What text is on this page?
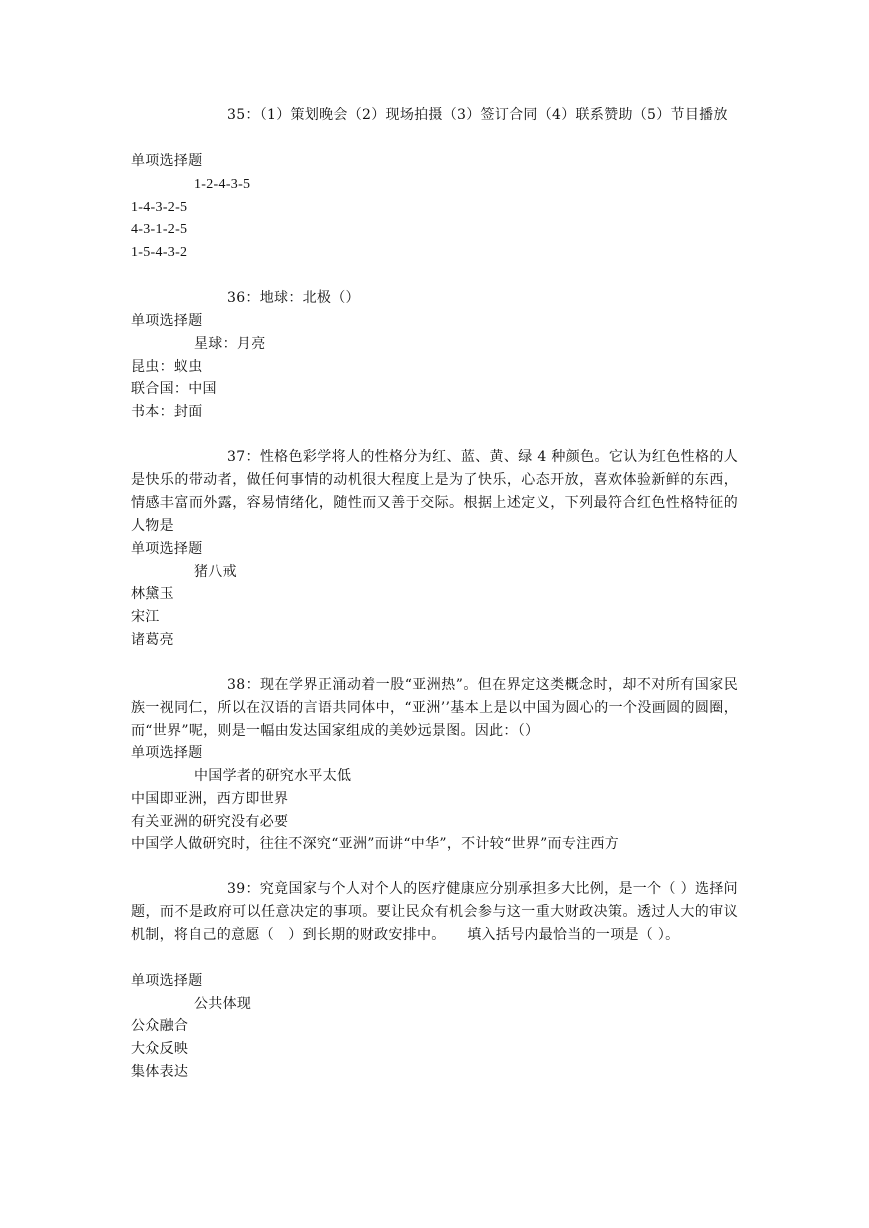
35：（1）策划晚会（2）现场拍摄（3）签订合同（4）联系赞助（5）节目播放
单项选择题
1-2-4-3-5
1-4-3-2-5
4-3-1-2-5
1-5-4-3-2
36：地球：北极（）
单项选择题
星球：月亮
昆虫：蚁虫
联合国：中国
书本：封面
37：性格色彩学将人的性格分为红、蓝、黄、绿 4 种颜色。它认为红色性格的人是快乐的带动者，做任何事情的动机很大程度上是为了快乐，心态开放，喜欢体验新鲜的东西，情感丰富而外露，容易情绪化，随性而又善于交际。根据上述定义，下列最符合红色性格特征的人物是
单项选择题
猪八戒
林黛玉
宋江
诸葛亮
38：现在学界正涌动着一股“亚洲热”。但在界定这类概念时，却不对所有国家民族一视同仁，所以在汉语的言语共同体中，“亚洲’’基本上是以中国为圆心的一个没画圆的圆圈，而“世界”呢，则是一幅由发达国家组成的美妙远景图。因此：（）
单项选择题
中国学者的研究水平太低
中国即亚洲，西方即世界
有关亚洲的研究没有必要
中国学人做研究时，往往不深究“亚洲”而讲“中华”，不计较“世界”而专注西方
39：究竟国家与个人对个人的医疗健康应分别承担多大比例，是一个（ ）选择问题，而不是政府可以任意决定的事项。要让民众有机会参与这一重大财政决策。透过人大的审议机制，将自己的意愿（　）到长期的财政安排中。　　填入括号内最恰当的一项是（ ）。
单项选择题
公共体现
公众融合
大众反映
集体表达
